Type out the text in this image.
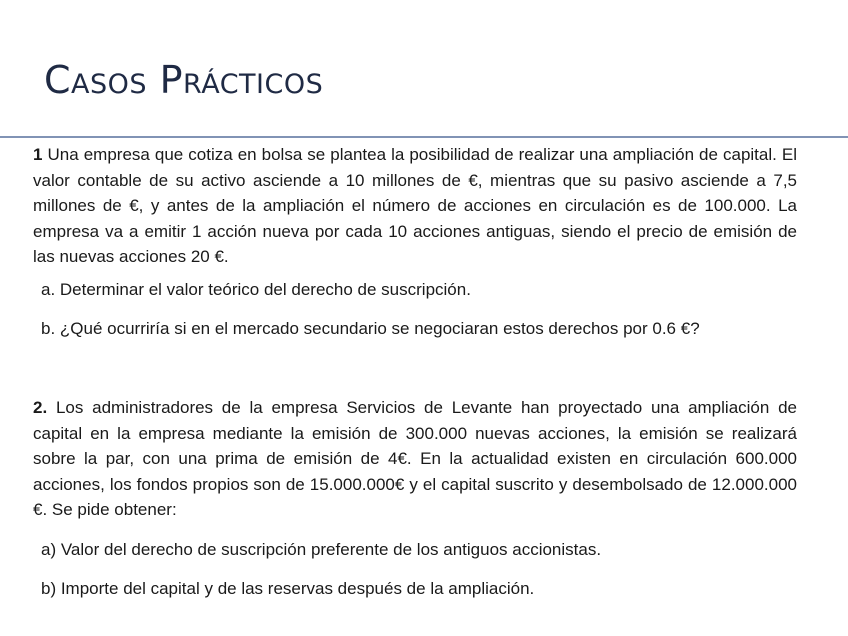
Casos Prácticos

1 Una empresa que cotiza en bolsa se plantea la posibilidad de realizar una ampliación de capital. El valor contable de su activo asciende a 10 millones de €, mientras que su pasivo asciende a 7,5 millones de €, y antes de la ampliación el número de acciones en circulación es de 100.000. La empresa va a emitir 1 acción nueva por cada 10 acciones antiguas, siendo el precio de emisión de las nuevas acciones 20 €.

a. Determinar el valor teórico del derecho de suscripción.

b. ¿Qué ocurriría si en el mercado secundario se negociaran estos derechos por 0.6 €?

2. Los administradores de la empresa Servicios de Levante han proyectado una ampliación de capital en la empresa mediante la emisión de 300.000 nuevas acciones, la emisión se realizará sobre la par, con una prima de emisión de 4€. En la actualidad existen en circulación 600.000 acciones, los fondos propios son de 15.000.000€ y el capital suscrito y desembolsado de 12.000.000 €. Se pide obtener:

a) Valor del derecho de suscripción preferente de los antiguos accionistas.

b) Importe del capital y de las reservas después de la ampliación.
